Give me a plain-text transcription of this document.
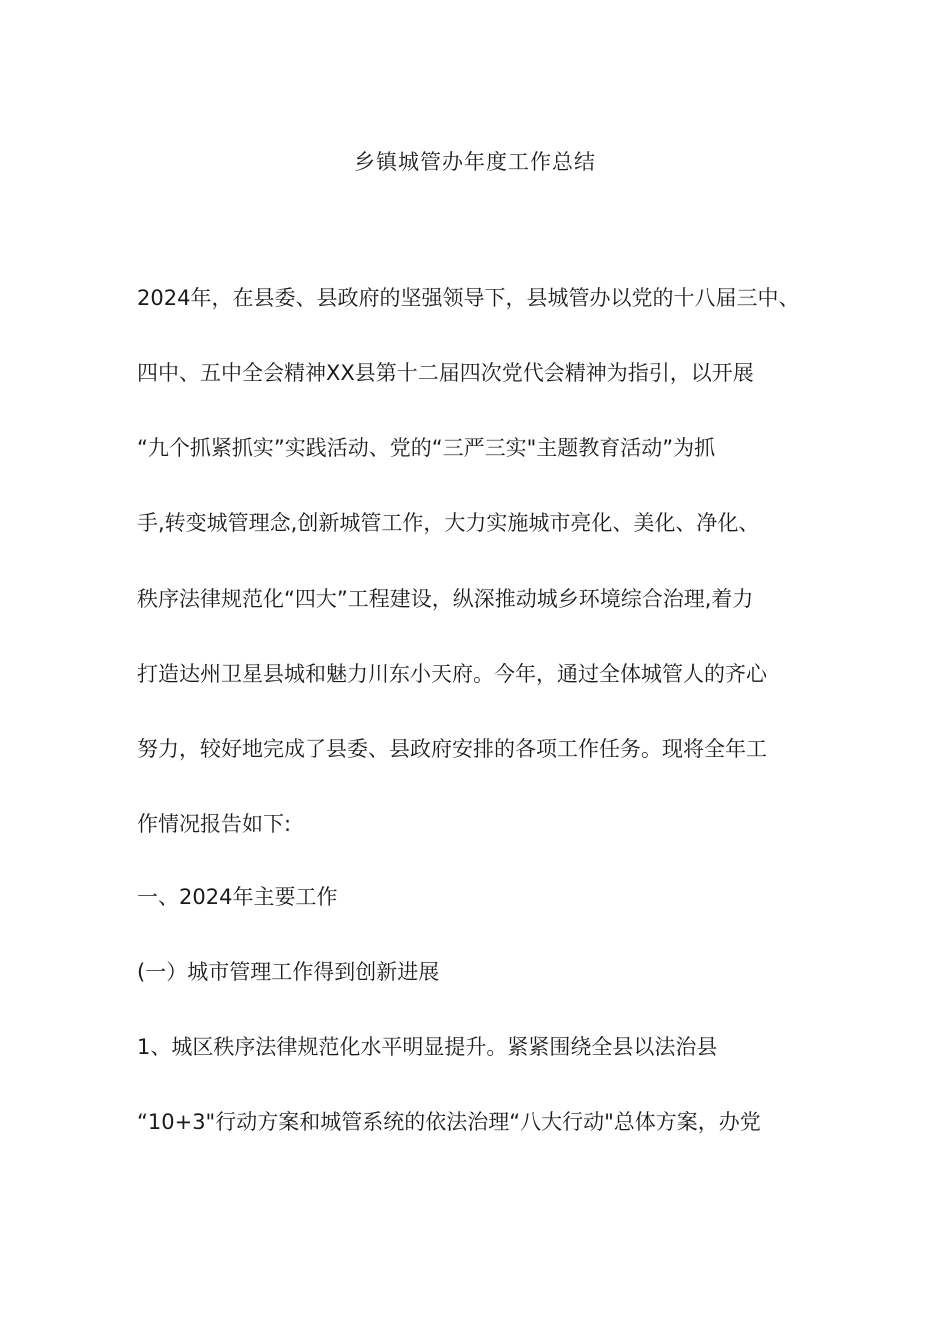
乡镇城管办年度工作总结
2024年，在县委、县政府的坚强领导下，县城管办以党的十八届三中、
四中、五中全会精神XX县第十二届四次党代会精神为指引，以开展
“九个抓紧抓实”实践活动、党的“三严三实"主题教育活动”为抓
手,转变城管理念,创新城管工作，大力实施城市亮化、美化、净化、
秩序法律规范化“四大”工程建设，纵深推动城乡环境综合治理,着力
打造达州卫星县城和魅力川东小天府。今年，通过全体城管人的齐心
努力，较好地完成了县委、县政府安排的各项工作任务。现将全年工
作情况报告如下:
一、2024年主要工作
(一）城市管理工作得到创新进展
1、城区秩序法律规范化水平明显提升。紧紧围绕全县以法治县
“10+3"行动方案和城管系统的依法治理“八大行动"总体方案，办党
